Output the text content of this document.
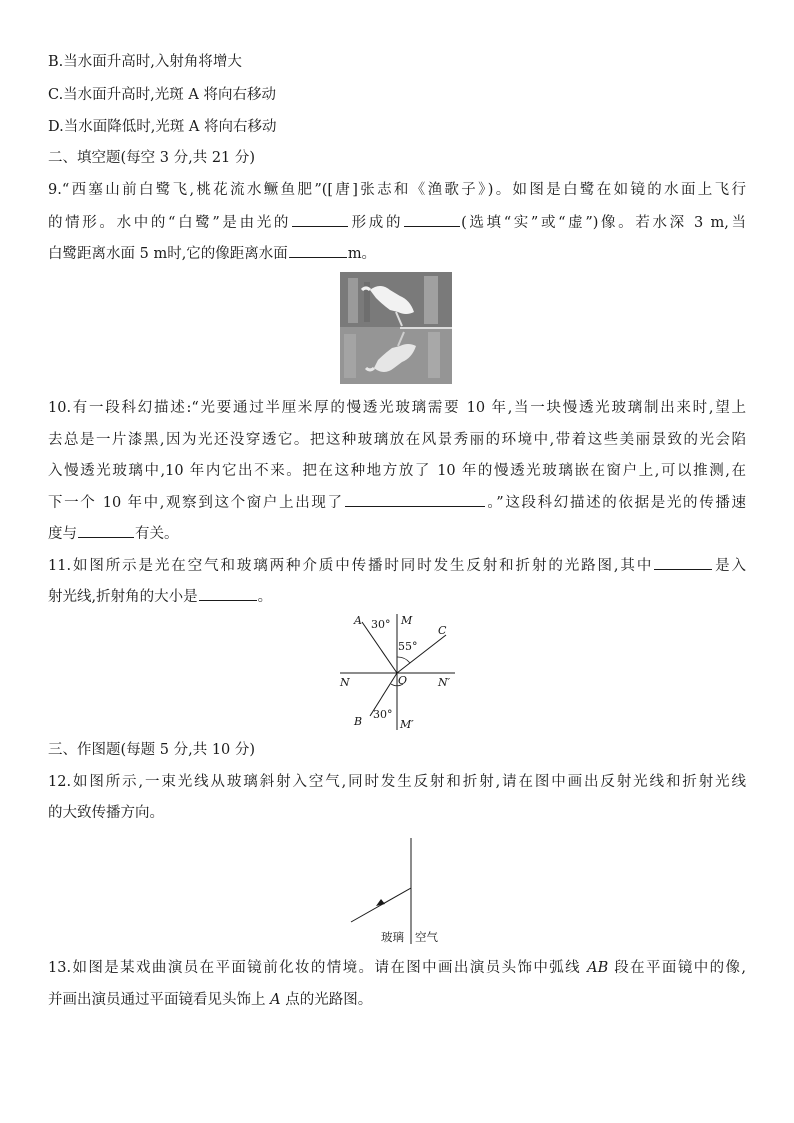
B.当水面升高时,入射角将增大
C.当水面升高时,光斑 A 将向右移动
D.当水面降低时,光斑 A 将向右移动
二、填空题(每空 3 分,共 21 分)
9.“西塞山前白鹭飞,桃花流水鳜鱼肥”([唐]张志和《渔歌子》)。如图是白鹭在如镜的水面上飞行
的情形。水中的“白鹭”是由光的	形成的	(选填“实”或“虚”)像。若水深 3 m,当
白鹭距离水面 5 m时,它的像距离水面	m。
10.有一段科幻描述:“光要通过半厘米厚的慢透光玻璃需要 10 年,当一块慢透光玻璃制出来时,望上
去总是一片漆黑,因为光还没穿透它。把这种玻璃放在风景秀丽的环境中,带着这些美丽景致的光会陷
入慢透光玻璃中,10 年内它出不来。把在这种地方放了 10 年的慢透光玻璃嵌在窗户上,可以推测,在
下一个 10 年中,观察到这个窗户上出现了	。”这段科幻描述的依据是光的传播速
度与	有关。
11.如图所示是光在空气和玻璃两种介质中传播时同时发生反射和折射的光路图,其中	是入
射光线,折射角的大小是	。
A 30° M
55°
C
N	O	N′
B
30°
M′
三、作图题(每题 5 分,共 10 分)
12.如图所示,一束光线从玻璃斜射入空气,同时发生反射和折射,请在图中画出反射光线和折射光线
的大致传播方向。
玻璃 空气
13.如图是某戏曲演员在平面镜前化妆的情境。请在图中画出演员头饰中弧线 AB 段在平面镜中的像,
并画出演员通过平面镜看见头饰上 A 点的光路图。
